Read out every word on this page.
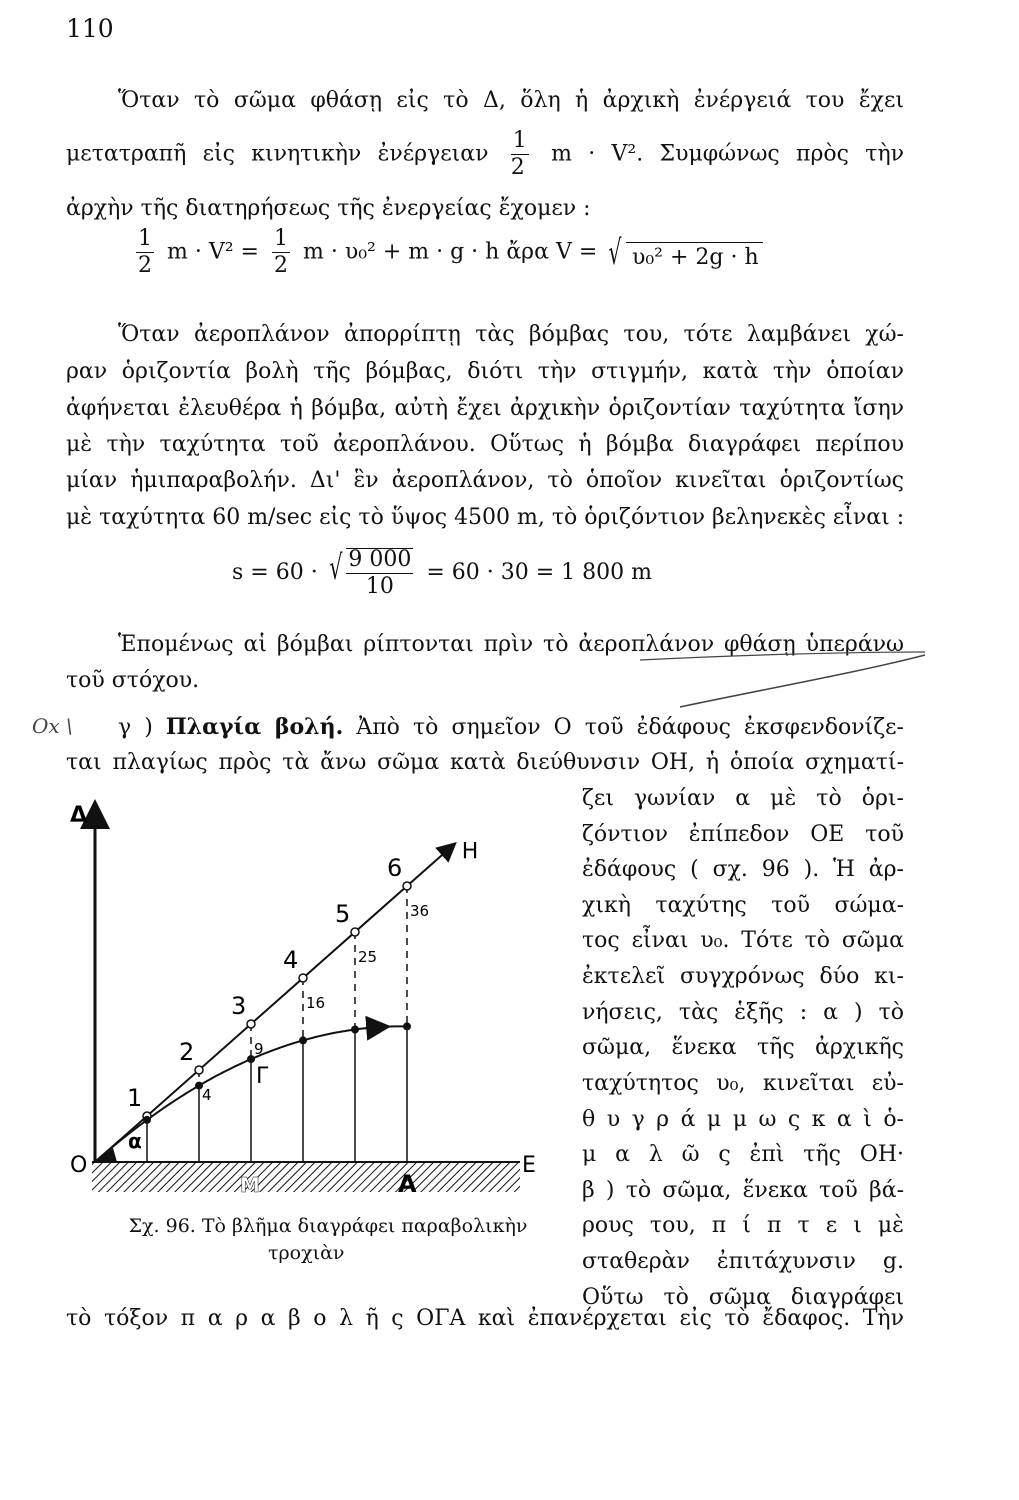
110
Ὅταν τὸ σῶμα φθάσῃ εἰς τὸ Δ, ὅλη ἡ ἀρχικὴ ἐνέργειά του ἔχει
μετατραπῆ εἰς κινητικὴν ἐνέργειαν $\frac{1}{2}$ m · V². Συμφώνως πρὸς τὴν
ἀρχὴν τῆς διατηρήσεως τῆς ἐνεργείας ἔχομεν :
$\frac{1}{2}$ $m \cdot V^2 = \frac{1}{2}$ m · υ₀² + m · g · h ἄρα V = √ υ₀² + 2g · h
Ὅταν ἀεροπλάνον ἀπορρίπτῃ τὰς βόμβας του, τότε λαμβάνει χώ-
ραν ὁριζοντία βολὴ τῆς βόμβας, διότι τὴν στιγμήν, κατὰ τὴν ὁποίαν
ἀφήνεται ἐλευθέρα ἡ βόμβα, αὐτὴ ἔχει ἀρχικὴν ὁριζοντίαν ταχύτητα ἴσην
μὲ τὴν ταχύτητα τοῦ ἀεροπλάνου. Οὕτως ἡ βόμβα διαγράφει περίπου
μίαν ἡμιπαραβολήν. Δι' ἓν ἀεροπλάνον, τὸ ὁποῖον κινεῖται ὁριζοντίως
μὲ ταχύτητα 60 m/sec εἰς τὸ ὕψος 4500 m, τὸ ὁριζόντιον βεληνεκὲς εἶναι :
s = 60 · √ $\frac{9 000}{10} = 60 \cdot 30 = 1$ 800 m
Ἑπομένως αἱ βόμβαι ρίπτονται πρὶν τὸ ἀεροπλάνον φθάσῃ ὑπεράνω
τοῦ στόχου.
γ ) Πλαγία βολή. Ἀπὸ τὸ σημεῖον O τοῦ ἐδάφους ἐκσφενδονίζε-
ται πλαγίως πρὸς τὰ ἄνω σῶμα κατὰ διεύθυνσιν ΟΗ, ἡ ὁποία σχηματί-
ζει γωνίαν α μὲ τὸ ὁρι-
ζόντιον ἐπίπεδον ΟΕ τοῦ
ἐδάφους ( σχ. 96 ). Ἡ ἀρ-
χικὴ ταχύτης τοῦ σώμα-
τος εἶναι υ₀. Τότε τὸ σῶμα
ἐκτελεῖ συγχρόνως δύο κι-
νήσεις, τὰς ἑξῆς : α ) τὸ
σῶμα, ἕνεκα τῆς ἀρχικῆς
ταχύτητος υ₀, κινεῖται εὐ-
θ υ γ ρ ά μ μ ω ς κ α ὶ ὁ-
μ α λ ῶ ς ἐπὶ τῆς ΟΗ·
β ) τὸ σῶμα, ἕνεκα τοῦ βά-
ρους του, π ί π τ ε ι μὲ
σταθερὰν ἐπιτάχυνσιν g.
Οὕτω τὸ σῶμα διαγράφει
τὸ τόξον π α ρ α β ο λ ῆ ς ΟΓΑ καὶ ἐπανέρχεται εἰς τὸ ἔδαφος. Τὴν
Οx \
Δ
Η
O	E
α
1
2
4
3
9
4
16
5
25
6
36
Γ
A
M
Σχ. 96. Τὸ βλῆμα διαγράφει παραβολικὴν
τροχιὰν
